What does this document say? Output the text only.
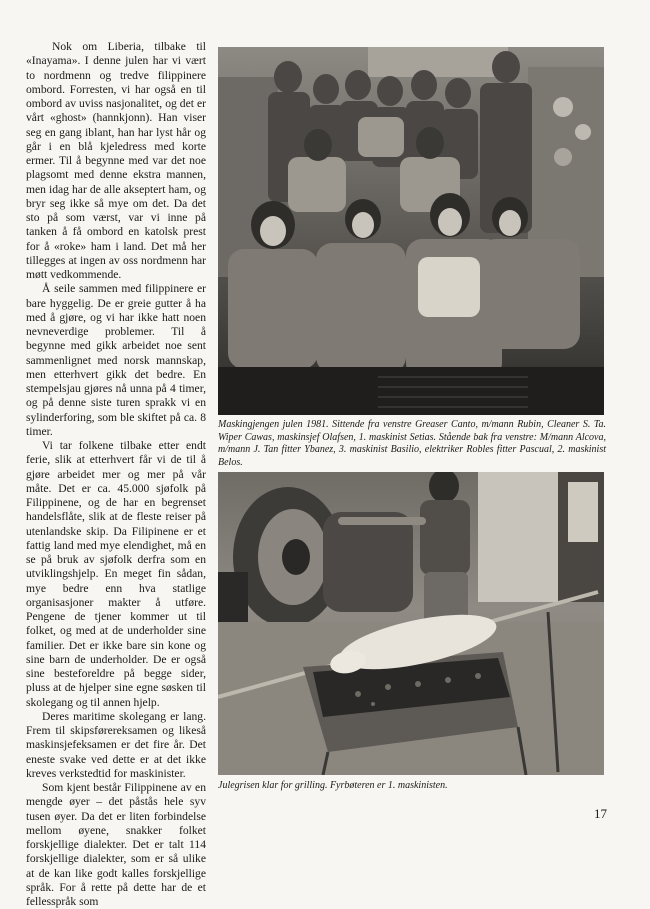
Nok om Liberia, tilbake til «Inayama». I denne julen har vi vært to nordmenn og tredve filippinere ombord. Forresten, vi har også en til ombord av uviss nasjonalitet, og det er vårt «ghost» (hannkjonn). Han viser seg en gang iblant, han har lyst hår og går i en blå kjeledress med korte ermer. Til å begynne med var det noe plagsomt med denne ekstra mannen, men idag har de alle akseptert ham, og bryr seg ikke så mye om det. Da det sto på som værst, var vi inne på tanken å få ombord en katolsk prest for å «roke» ham i land. Det må her tillegges at ingen av oss nordmenn har møtt vedkommende.

Å seile sammen med filippinere er bare hyggelig. De er greie gutter å ha med å gjøre, og vi har ikke hatt noen nevneverdige problemer. Til å begynne med gikk arbeidet noe sent sammenlignet med norsk mannskap, men etterhvert gikk det bedre. En stempelsjau gjøres nå unna på 4 timer, og på denne siste turen sprakk vi en sylinderforing, som ble skiftet på ca. 8 timer.

Vi tar folkene tilbake etter endt ferie, slik at etterhvert får vi de til å gjøre arbeidet mer og mer på vår måte. Det er ca. 45.000 sjøfolk på Filippinene, og de har en begrenset handelsflåte, slik at de fleste reiser på utenlandske skip. Da Filipinene er et fattig land med mye elendighet, må en se på bruk av sjøfolk derfra som en utviklingshjelp. En meget fin sådan, mye bedre enn hva statlige organisasjoner makter å utføre. Pengene de tjener kommer ut til folket, og med at de underholder sine familier. Det er ikke bare sin kone og sine barn de underholder. De er også sine besteforeldre på begge sider, pluss at de hjelper sine egne søsken til skolegang og til annen hjelp.

Deres maritime skolegang er lang. Frem til skipsførereksamen og likeså maskinsjefeksamen er det fire år. Det eneste svake ved dette er at det ikke kreves verkstedtid for maskinister.

Som kjent består Filippinene av en mengde øyer – det påstås hele syv tusen øyer. Da det er liten forbindelse mellom øyene, snakker folket forskjellige dialekter. Det er talt 114 forskjellige dialekter, som er så ulike at de kan like godt kalles forskjellige språk. For å rette på dette har de et fellesspråk som

Maskingjengen julen 1981. Sittende fra venstre Greaser Canto, m/mann Rubin, Cleaner S. Ta. Wiper Cawas, maskinsjef Olafsen, 1. maskinist Setias. Stående bak fra venstre: M/mann Alcova, m/mann J. Tan fitter Ybanez, 3. maskinist Basilio, elektriker Robles fitter Pascual, 2. maskinist Belos.
Julegrisen klar for grilling. Fyrbøteren er 1. maskinisten.
17
